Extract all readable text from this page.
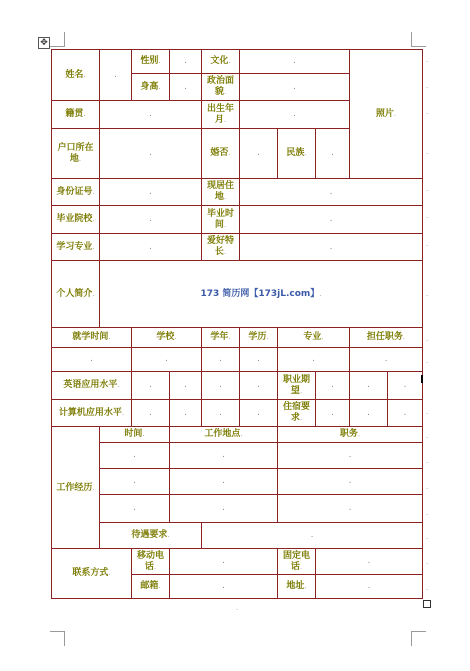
✥
姓名.	.	性别.	.	文化.	.			照片.	
		身高.	.	政治面貌.	.				
籍贯.	.			出生年月.	.				
户口所在地.	.			婚否.	.	民族.	.		
身份证号.	.			现居住地.	.				
毕业院校.	.			毕业时间.	.				
学习专业.	.			爱好特长.	.				
个人简介.	173 简历网【173jL.com】.								
就学时间.		学校.		学年.	学历.	专业.		担任职务.	
.		.		.	.	.		.	
英语应用水平.		.	.	.	.	职业期望.	.	.	.
计算机应用水平.		.	.	.	.	住宿要求.	.	.	.
工作经历.	时间.		工作地点.			职务.			
	.		.			.			
	.		.			.			
	.		.			.			
	待遇要求.			.					
联系方式.		移动电话.	.			固定电话.	.		
		邮箱.	.			地址.	.		
.
.
.
.
.
.
.
.
.
.
.
.
.
.
.
.
.
.
.
